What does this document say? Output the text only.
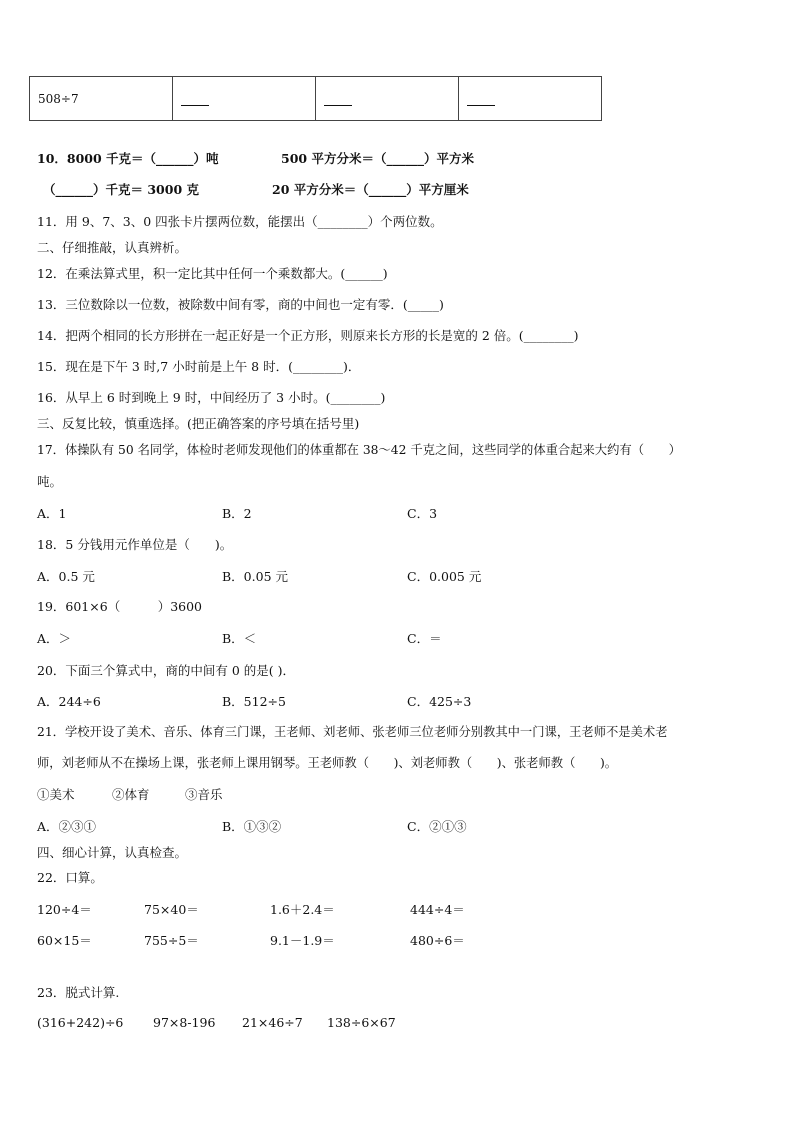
508÷7			
10．8000 千克＝（______）吨	500 平方分米＝（______）平方米
（______）千克＝ 3000 克	20 平方分米＝（______）平方厘米
11．用 9、7、3、0 四张卡片摆两位数，能摆出（________）个两位数。
二、仔细推敲，认真辨析。
12．在乘法算式里，积一定比其中任何一个乘数都大。(______)
13．三位数除以一位数，被除数中间有零，商的中间也一定有零．(_____)
14．把两个相同的长方形拼在一起正好是一个正方形，则原来长方形的长是宽的 2 倍。(________)
15．现在是下午 3 时,7 小时前是上午 8 时．(________)．
16．从早上 6 时到晚上 9 时，中间经历了 3 小时。(________)
三、反复比较，慎重选择。(把正确答案的序号填在括号里)
17．体操队有 50 名同学，体检时老师发现他们的体重都在 38～42 千克之间，这些同学的体重合起来大约有（　　）
吨。
A．1	B．2	C．3
18．5 分钱用元作单位是（　　)。
A．0.5 元	B．0.05 元	C．0.005 元
19．601×6（　　　）3600
A．＞	B．＜	C．＝
20．下面三个算式中，商的中间有 0 的是( )．
A．244÷6	B．512÷5	C．425÷3
21．学校开设了美术、音乐、体育三门课，王老师、刘老师、张老师三位老师分别教其中一门课，王老师不是美术老
师，刘老师从不在操场上课，张老师上课用钢琴。王老师教（　　)、刘老师教（　　)、张老师教（　　)。
①美术	②体育	③音乐
A．②③①	B．①③②	C．②①③
四、细心计算，认真检查。
22．口算。
120÷4＝	75×40＝	1.6＋2.4＝	444÷4＝
60×15＝	755÷5＝	9.1－1.9＝	480÷6＝
23．脱式计算.
(316+242)÷6 97×8-196 21×46÷7 138÷6×67
